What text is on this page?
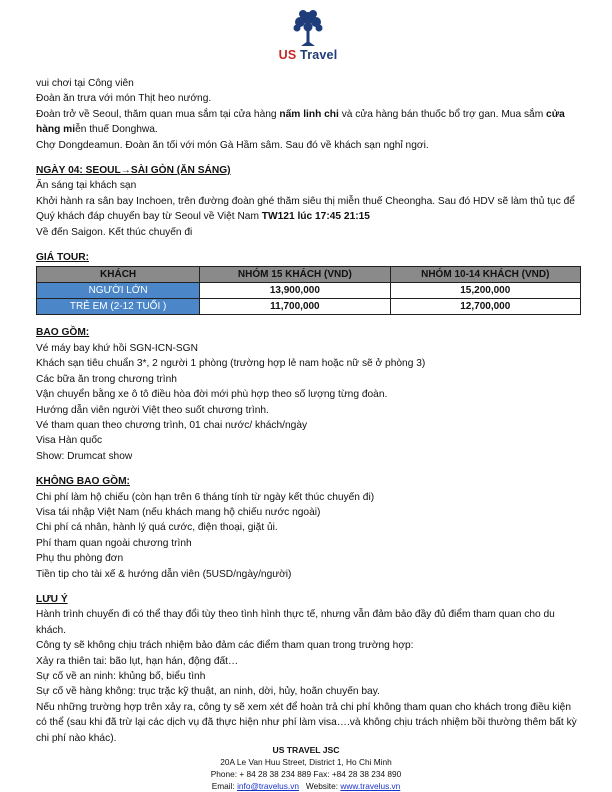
US Travel
vui chơi tại Công viên
Đoàn ăn trưa với món Thịt heo nướng.
Đoàn trở về Seoul, thăm quan mua sắm tại cửa hàng nấm linh chi và cửa hàng bán thuốc bổ trợ gan. Mua sắm cửa hàng miễn thuế Donghwa.
Chợ Dongdeamun. Đoàn ăn tối với món Gà Hầm sâm. Sau đó về khách sạn nghỉ ngơi.
NGÀY 04: SEOUL→SÀI GÒN (ĂN SÁNG)
Ăn sáng tại khách sạn
Khởi hành ra sân bay Inchoen, trên đường đoàn ghé thăm siêu thị miễn thuế Cheongha. Sau đó HDV sẽ làm thủ tục để Quý khách đáp chuyến bay từ Seoul về Việt Nam TW121 lúc 17:45 21:15
Về đến Saigon. Kết thúc chuyến đi
GIÁ TOUR:
KHÁCH	NHÓM 15 KHÁCH (VND)	NHÓM 10-14 KHÁCH (VND)
NGƯỜI LỚN	13,900,000	15,200,000
TRẺ EM (2-12 TUỔI )	11,700,000	12,700,000
BAO GỒM:
Vé máy bay khứ hồi SGN-ICN-SGN
Khách sạn tiêu chuẩn 3*, 2 người 1 phòng (trường hợp lẻ nam hoặc nữ sẽ ở phòng 3)
Các bữa ăn trong chương trình
Vận chuyển bằng xe ô tô điều hòa đời mới phù hợp theo số lượng từng đoàn.
Hướng dẫn viên người Việt theo suốt chương trình.
Vé tham quan theo chương trình, 01 chai nước/ khách/ngày
Visa Hàn quốc
Show: Drumcat show
KHÔNG BAO GỒM:
Chi phí làm hộ chiếu (còn hạn trên 6 tháng tính từ ngày kết thúc chuyến đi)
Visa tái nhập Việt Nam (nếu khách mang hộ chiếu nước ngoài)
Chi phí cá nhân, hành lý quá cước, điện thoại, giặt ủi.
Phí tham quan ngoài chương trình
Phụ thu phòng đơn
Tiền tip cho tài xế & hướng dẫn viên (5USD/ngày/người)
LƯU Ý
Hành trình chuyến đi có thể thay đổi tùy theo tình hình thực tế, nhưng vẫn đảm bảo đầy đủ điểm tham quan cho du khách.
Công ty sẽ không chịu trách nhiệm bảo đảm các điểm tham quan trong trường hợp:
Xảy ra thiên tai: bão lụt, hạn hán, động đất…
Sự cố về an ninh: khủng bố, biểu tình
Sự cố về hàng không: trục trặc kỹ thuật, an ninh, dời, hủy, hoãn chuyến bay.
Nếu những trường hợp trên xảy ra, công ty sẽ xem xét để hoàn trả chi phí không tham quan cho khách trong điều kiện có thể (sau khi đã trừ lại các dịch vụ đã thực hiện như phí làm visa….và không chịu trách nhiệm bồi thường thêm bất kỳ chi phí nào khác).
US TRAVEL JSC
20A Le Van Huu Street, District 1, Ho Chi Minh
Phone: + 84 28 38 234 889 Fax: +84 28 38 234 890
Email: info@travelus.vn   Website: www.travelus.vn
